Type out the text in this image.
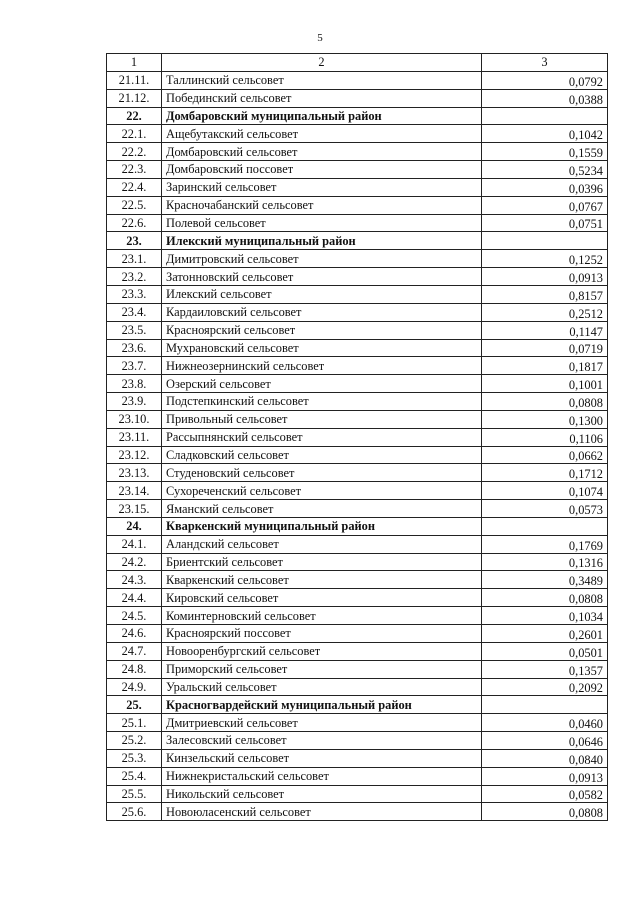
5
1	2	3
21.11.	Таллинский сельсовет	0,0792
21.12.	Побединский сельсовет	0,0388
22.	Домбаровский муниципальный район	
22.1.	Ащебутакский сельсовет	0,1042
22.2.	Домбаровский сельсовет	0,1559
22.3.	Домбаровский поссовет	0,5234
22.4.	Заринский сельсовет	0,0396
22.5.	Красночабанский сельсовет	0,0767
22.6.	Полевой сельсовет	0,0751
23.	Илекский муниципальный район	
23.1.	Димитровский сельсовет	0,1252
23.2.	Затонновский сельсовет	0,0913
23.3.	Илекский сельсовет	0,8157
23.4.	Кардаиловский сельсовет	0,2512
23.5.	Красноярский сельсовет	0,1147
23.6.	Мухрановский сельсовет	0,0719
23.7.	Нижнеозернинский сельсовет	0,1817
23.8.	Озерский сельсовет	0,1001
23.9.	Подстепкинский сельсовет	0,0808
23.10.	Привольный сельсовет	0,1300
23.11.	Рассыпнянский сельсовет	0,1106
23.12.	Сладковский сельсовет	0,0662
23.13.	Студеновский сельсовет	0,1712
23.14.	Сухореченский сельсовет	0,1074
23.15.	Яманский сельсовет	0,0573
24.	Кваркенский муниципальный район	
24.1.	Аландский сельсовет	0,1769
24.2.	Бриентский сельсовет	0,1316
24.3.	Кваркенский сельсовет	0,3489
24.4.	Кировский сельсовет	0,0808
24.5.	Коминтерновский сельсовет	0,1034
24.6.	Красноярский поссовет	0,2601
24.7.	Новооренбургский сельсовет	0,0501
24.8.	Приморский сельсовет	0,1357
24.9.	Уральский сельсовет	0,2092
25.	Красногвардейский муниципальный район	
25.1.	Дмитриевский сельсовет	0,0460
25.2.	Залесовский сельсовет	0,0646
25.3.	Кинзельский сельсовет	0,0840
25.4.	Нижнекристальский сельсовет	0,0913
25.5.	Никольский сельсовет	0,0582
25.6.	Новоюласенский сельсовет	0,0808
